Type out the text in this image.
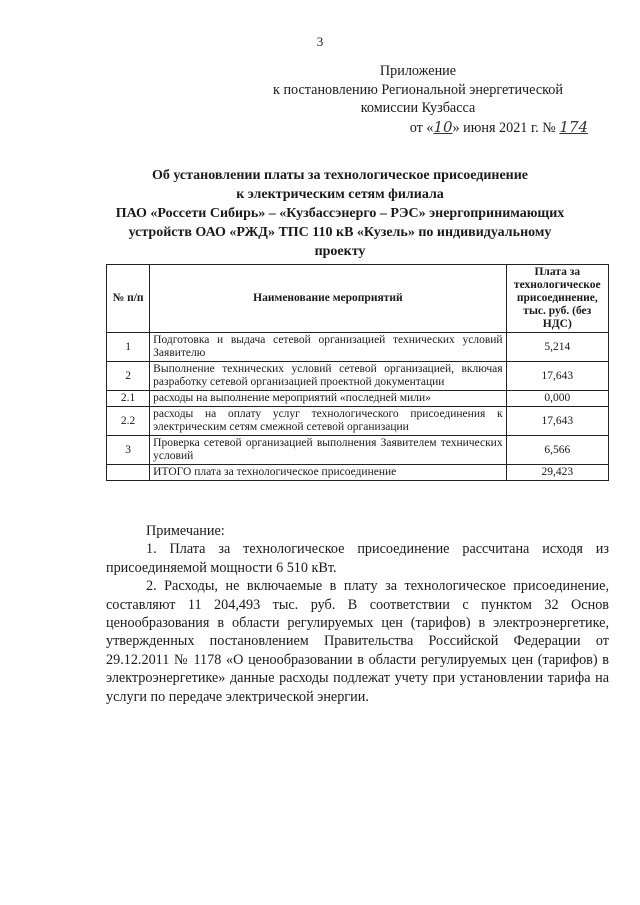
3
Приложение
к постановлению Региональной энергетической
комиссии Кузбасса
от «10» июня 2021 г. № 174
Об установлении платы за технологическое присоединение
к электрическим сетям филиала
ПАО «Россети Сибирь» – «Кузбассэнерго – РЭС» энергопринимающих
устройств ОАО «РЖД» ТПС 110 кВ «Кузель» по индивидуальному
проекту
№ п/п	Наименование мероприятий	Плата за технологическое присоединение, тыс. руб. (без НДС)
1	Подготовка и выдача сетевой организацией технических условий Заявителю	5,214
2	Выполнение технических условий сетевой организацией, включая разработку сетевой организацией проектной документации	17,643
2.1	расходы на выполнение мероприятий «последней мили»	0,000
2.2	расходы на оплату услуг технологического присоединения к электрическим сетям смежной сетевой организации	17,643
3	Проверка сетевой организацией выполнения Заявителем технических условий	6,566
	ИТОГО плата за технологическое присоединение	29,423

Примечание:

1. Плата за технологическое присоединение рассчитана исходя из присоединяемой мощности 6 510 кВт.

2. Расходы, не включаемые в плату за технологическое присоединение, составляют 11 204,493 тыс. руб. В соответствии с пунктом 32 Основ ценообразования в области регулируемых цен (тарифов) в электроэнергетике, утвержденных постановлением Правительства Российской Федерации от 29.12.2011 № 1178 «О ценообразовании в области регулируемых цен (тарифов) в электроэнергетике» данные расходы подлежат учету при установлении тарифа на услуги по передаче электрической энергии.
